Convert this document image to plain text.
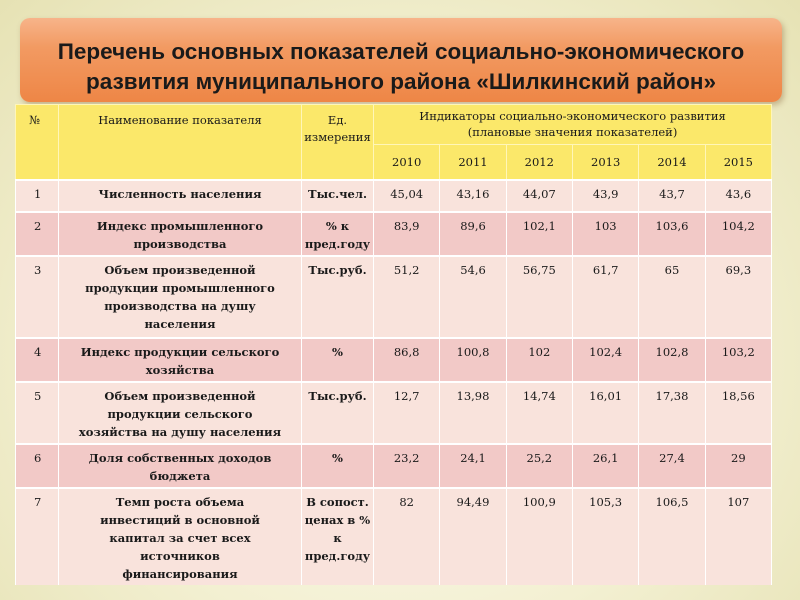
Перечень основных показателей социально-экономического
развития муниципального района «Шилкинский район»
№	Наименование показателя	Ед. измерения	Индикаторы социально-экономического развития
(плановые значения показателей)					

			2010	2011	2012	2013	2014	2015
1	Численность населения	Тыс.чел.	45,04	43,16	44,07	43,9	43,7	43,6
2	Индекс промышленного производства	% к пред.году	83,9	89,6	102,1	103	103,6	104,2
3	Объем произведенной продукции промышленного производства на душу населения	Тыс.руб.	51,2	54,6	56,75	61,7	65	69,3
4	Индекс продукции сельского хозяйства	%	86,8	100,8	102	102,4	102,8	103,2
5	Объем произведенной продукции сельского хозяйства на душу населения	Тыс.руб.	12,7	13,98	14,74	16,01	17,38	18,56
6	Доля собственных доходов бюджета	%	23,2	24,1	25,2	26,1	27,4	29
7	Темп роста объема инвестиций в основной капитал за счет всех источников финансирования	В сопост. ценах в % к пред.году	82	94,49	100,9	105,3	106,5	107
